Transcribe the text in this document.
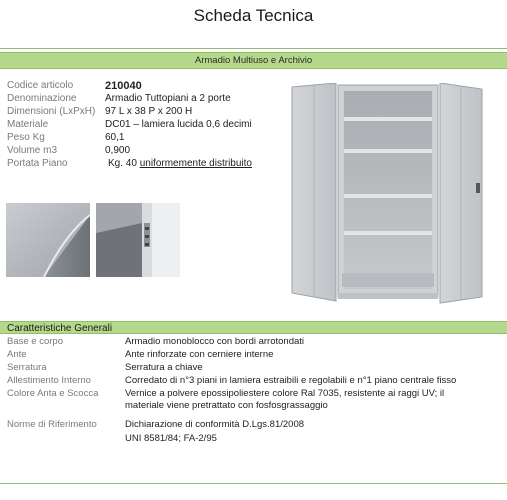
Scheda Tecnica
Armadio Multiuso e Archivio
Codice articolo	210040
Denominazione	Armadio Tuttopiani a 2 porte
Dimensioni (LxPxH) 97 L x 38 P x 200 H
Materiale	DC01 – lamiera lucida 0,6 decimi
Peso Kg	60,1
Volume m3	0,900
Portata Piano	Kg. 40 uniformemente distribuito
Caratteristiche Generali
Base e corpo	Armadio monoblocco con bordi arrotondati
Ante	Ante rinforzate con cerniere interne
Serratura	Serratura a chiave
Allestimento Interno	Corredato di n°3 piani in lamiera estraibili e regolabili e n°1 piano centrale fisso
Colore Anta e Scocca	Vernice a polvere epossipoliestere colore Ral 7035, resistente ai raggi UV; il
materiale viene pretrattato con fosfosgrassaggio
Norme di Riferimento	Dichiarazione di conformità D.Lgs.81/2008
UNI 8581/84; FA-2/95
